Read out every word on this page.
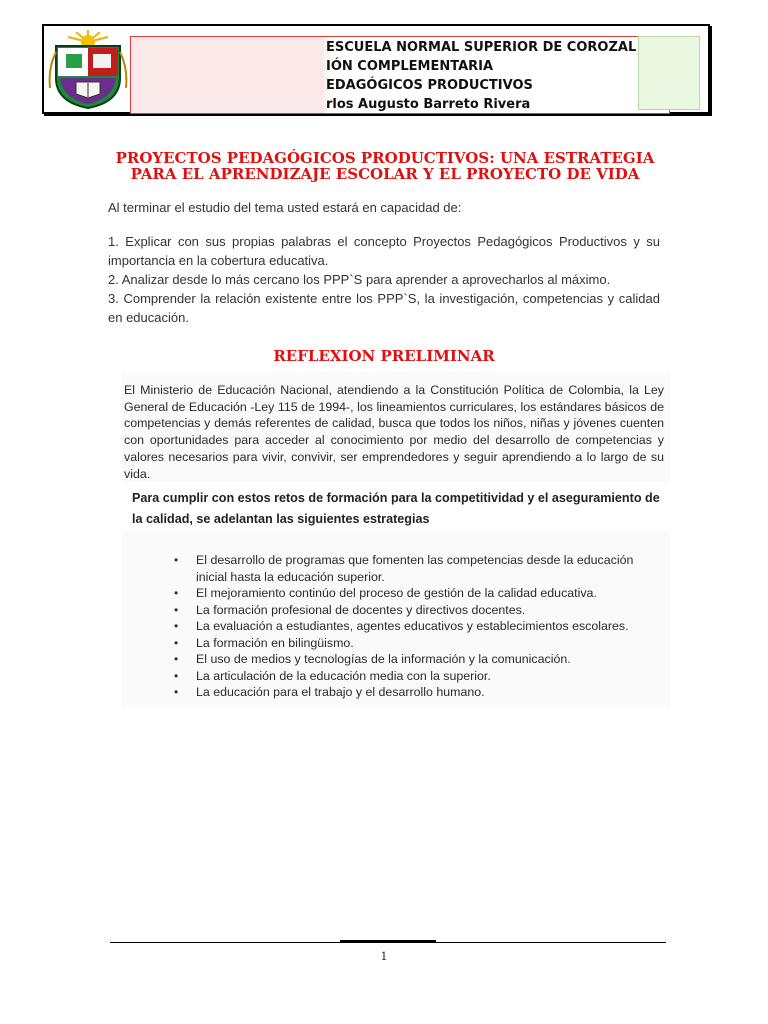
ESCUELA NORMAL SUPERIOR DE COROZAL
IÓN COMPLEMENTARIA
EDAGÓGICOS PRODUCTIVOS
rlos Augusto Barreto Rivera
PROYECTOS PEDAGÓGICOS PRODUCTIVOS: UNA ESTRATEGIA
PARA EL APRENDIZAJE ESCOLAR Y EL PROYECTO DE VIDA
Al terminar el estudio del tema usted estará en capacidad de:

1. Explicar con sus propias palabras el concepto Proyectos Pedagógicos Productivos y su importancia en la cobertura educativa.

2. Analizar desde lo más cercano los PPP`S para aprender a aprovecharlos al máximo.

3. Comprender la relación existente entre los PPP`S, la investigación, competencias y calidad en educación.

REFLEXION PRELIMINAR
El Ministerio de Educación Nacional, atendiendo a la Constitución Política de Colombia, la Ley General de Educación -Ley 115 de 1994-, los lineamientos curriculares, los estándares básicos de competencias y demás referentes de calidad, busca que todos los niños, niñas y jóvenes cuenten con oportunidades para acceder al conocimiento por medio del desarrollo de competencias y valores necesarios para vivir, convivir, ser emprendedores y seguir aprendiendo a lo largo de su vida.
Para cumplir con estos retos de formación para la competitividad y el aseguramiento de la calidad, se adelantan las siguientes estrategias
• El desarrollo de programas que fomenten las competencias desde la educación inicial hasta la educación superior.
• El mejoramiento continúo del proceso de gestión de la calidad educativa.
• La formación profesional de docentes y directivos docentes.
• La evaluación a estudiantes, agentes educativos y establecimientos escolares.
• La formación en bilingüismo.
• El uso de medios y tecnologías de la información y la comunicación.
• La articulación de la educación media con la superior.
• La educación para el trabajo y el desarrollo humano.
1
